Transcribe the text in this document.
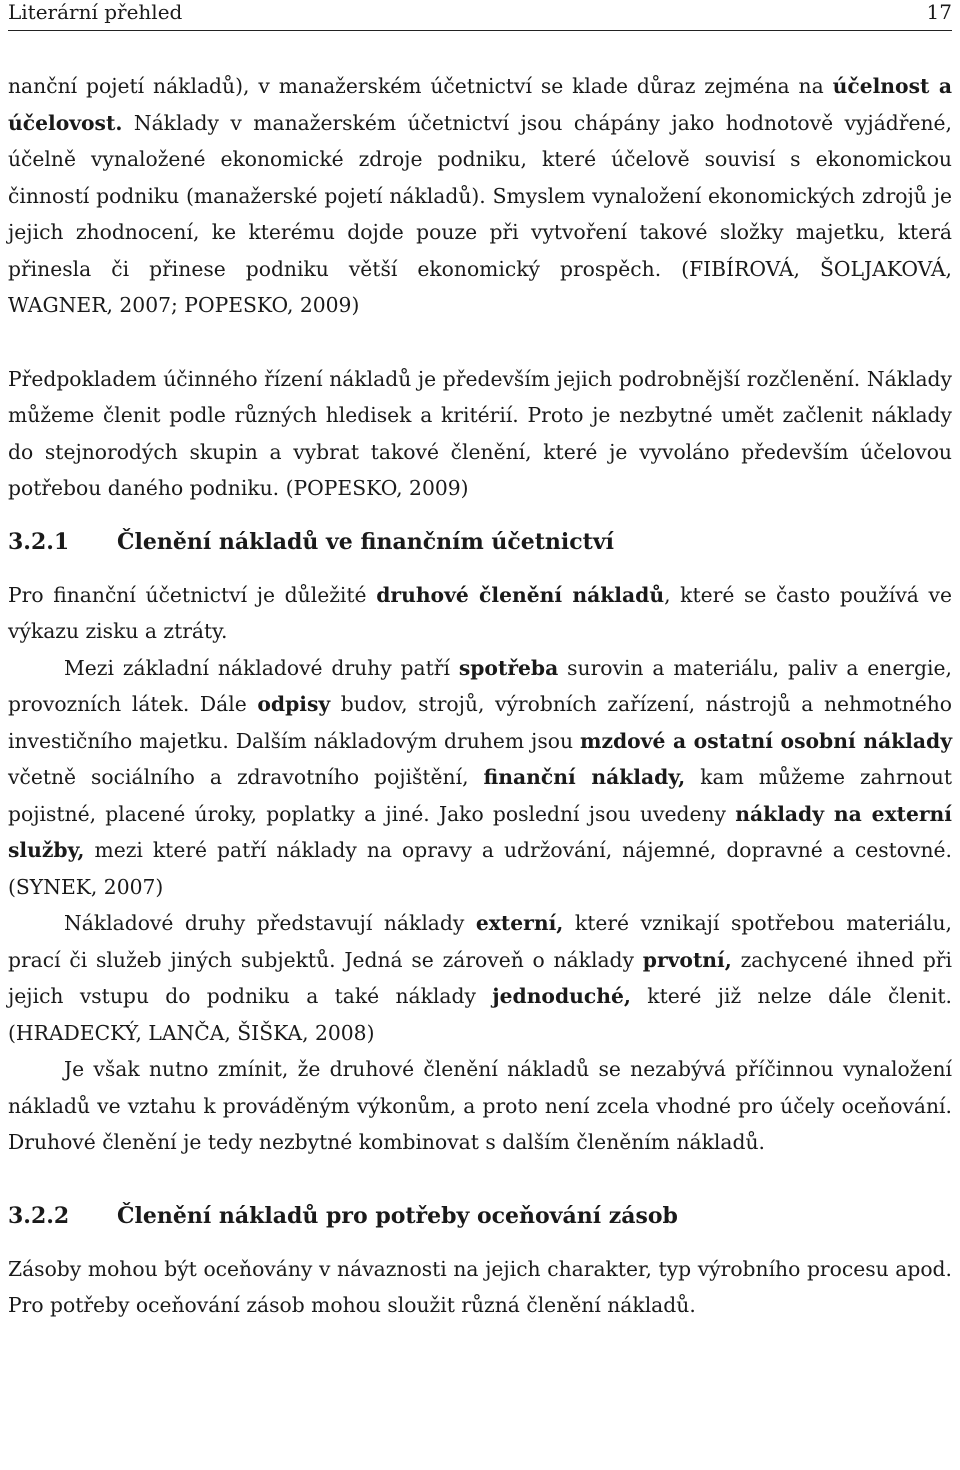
Literární přehled	17

nanční pojetí nákladů), v manažerském účetnictví se klade důraz zejména na účelnost a účelovost. Náklady v manažerském účetnictví jsou chápány jako hodnotově vyjádřené, účelně vynaložené ekonomické zdroje podniku, které účelově souvisí s ekonomickou činností podniku (manažerské pojetí nákladů). Smyslem vynaložení ekonomických zdrojů je jejich zhodnocení, ke kterému dojde pouze při vytvoření takové složky majetku, která přinesla či přinese podniku větší ekonomický prospěch. (FIBÍROVÁ, ŠOLJAKOVÁ, WAGNER, 2007; POPESKO, 2009)

Předpokladem účinného řízení nákladů je především jejich podrobnější rozčlenění. Náklady můžeme členit podle různých hledisek a kritérií. Proto je nezbytné umět začlenit náklady do stejnorodých skupin a vybrat takové členění, které je vyvoláno především účelovou potřebou daného podniku. (POPESKO, 2009)

3.2.1	Členění nákladů ve finančním účetnictví

Pro finanční účetnictví je důležité druhové členění nákladů, které se často používá ve výkazu zisku a ztráty.

Mezi základní nákladové druhy patří spotřeba surovin a materiálu, paliv a energie, provozních látek. Dále odpisy budov, strojů, výrobních zařízení, nástrojů a nehmotného investičního majetku. Dalším nákladovým druhem jsou mzdové a ostatní osobní náklady včetně sociálního a zdravotního pojištění, finanční náklady, kam můžeme zahrnout pojistné, placené úroky, poplatky a jiné. Jako poslední jsou uvedeny náklady na externí služby, mezi které patří náklady na opravy a udržování, nájemné, dopravné a cestovné. (SYNEK, 2007)

Nákladové druhy představují náklady externí, které vznikají spotřebou materiálu, prací či služeb jiných subjektů. Jedná se zároveň o náklady prvotní, zachycené ihned při jejich vstupu do podniku a také náklady jednoduché, které již nelze dále členit. (HRADECKÝ, LANČA, ŠIŠKA, 2008)

Je však nutno zmínit, že druhové členění nákladů se nezabývá příčinnou vynaložení nákladů ve vztahu k prováděným výkonům, a proto není zcela vhodné pro účely oceňování. Druhové členění je tedy nezbytné kombinovat s dalším členěním nákladů.

3.2.2	Členění nákladů pro potřeby oceňování zásob

Zásoby mohou být oceňovány v návaznosti na jejich charakter, typ výrobního procesu apod. Pro potřeby oceňování zásob mohou sloužit různá členění nákladů.
